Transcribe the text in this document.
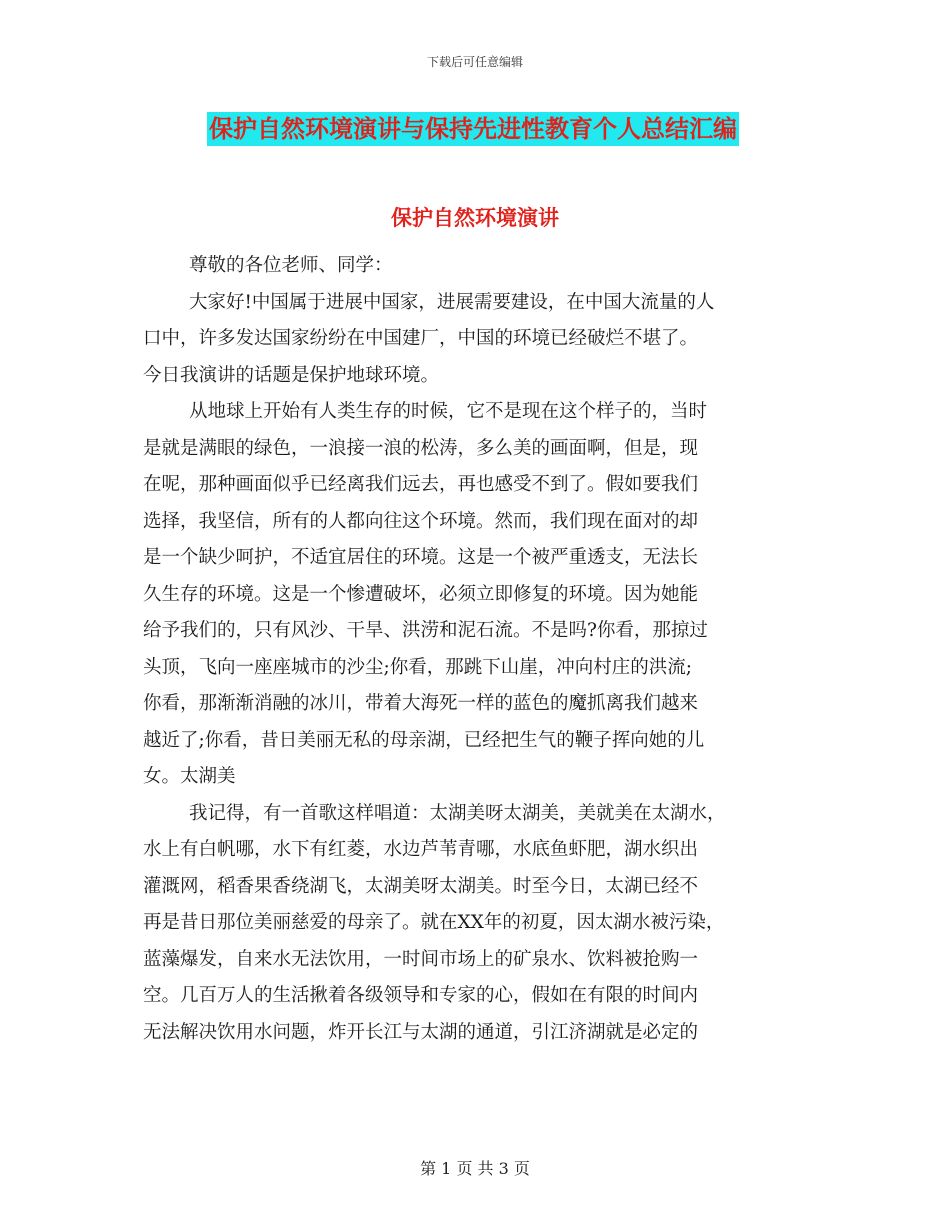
下载后可任意编辑
保护自然环境演讲与保持先进性教育个人总结汇编
保护自然环境演讲

尊敬的各位老师、同学：

大家好!中国属于进展中国家，进展需要建设，在中国大流量的人

口中，许多发达国家纷纷在中国建厂，中国的环境已经破烂不堪了。

今日我演讲的话题是保护地球环境。

从地球上开始有人类生存的时候，它不是现在这个样子的，当时

是就是满眼的绿色，一浪接一浪的松涛，多么美的画面啊，但是，现

在呢，那种画面似乎已经离我们远去，再也感受不到了。假如要我们

选择，我坚信，所有的人都向往这个环境。然而，我们现在面对的却

是一个缺少呵护，不适宜居住的环境。这是一个被严重透支，无法长

久生存的环境。这是一个惨遭破坏，必须立即修复的环境。因为她能

给予我们的，只有风沙、干旱、洪涝和泥石流。不是吗?你看，那掠过

头顶，飞向一座座城市的沙尘;你看，那跳下山崖，冲向村庄的洪流;

你看，那渐渐消融的冰川，带着大海死一样的蓝色的魔抓离我们越来

越近了;你看，昔日美丽无私的母亲湖，已经把生气的鞭子挥向她的儿

女。太湖美

我记得，有一首歌这样唱道：太湖美呀太湖美，美就美在太湖水，

水上有白帆哪，水下有红菱，水边芦苇青哪，水底鱼虾肥，湖水织出

灌溉网，稻香果香绕湖飞，太湖美呀太湖美。时至今日，太湖已经不

再是昔日那位美丽慈爱的母亲了。就在XX年的初夏，因太湖水被污染，

蓝藻爆发，自来水无法饮用，一时间市场上的矿泉水、饮料被抢购一

空。几百万人的生活揪着各级领导和专家的心，假如在有限的时间内

无法解决饮用水问题，炸开长江与太湖的通道，引江济湖就是必定的

第 1 页 共 3 页
